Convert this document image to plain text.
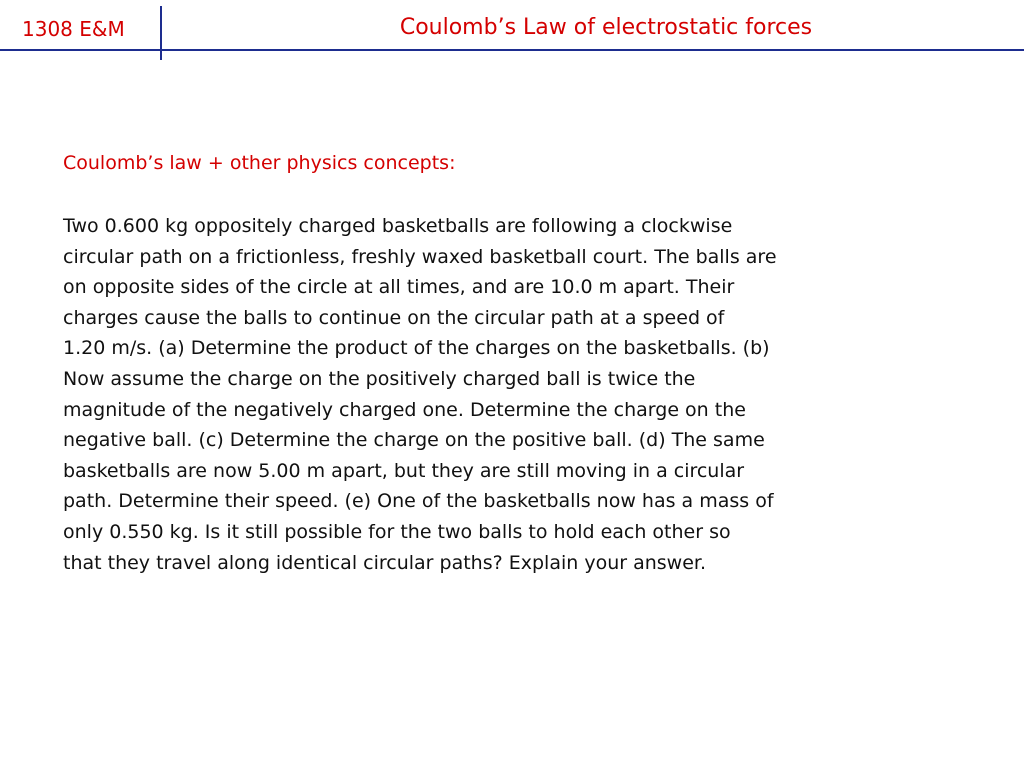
1308 E&M	Coulomb’s Law of electrostatic forces

Coulomb’s law + other physics concepts:

Two 0.600 kg oppositely charged basketballs are following a clockwise
circular path on a frictionless, freshly waxed basketball court. The balls are
on opposite sides of the circle at all times, and are 10.0 m apart. Their
charges cause the balls to continue on the circular path at a speed of
1.20 m/s. (a) Determine the product of the charges on the basketballs. (b)
Now assume the charge on the positively charged ball is twice the
magnitude of the negatively charged one. Determine the charge on the
negative ball. (c) Determine the charge on the positive ball. (d) The same
basketballs are now 5.00 m apart, but they are still moving in a circular
path. Determine their speed. (e) One of the basketballs now has a mass of
only 0.550 kg. Is it still possible for the two balls to hold each other so
that they travel along identical circular paths? Explain your answer.
